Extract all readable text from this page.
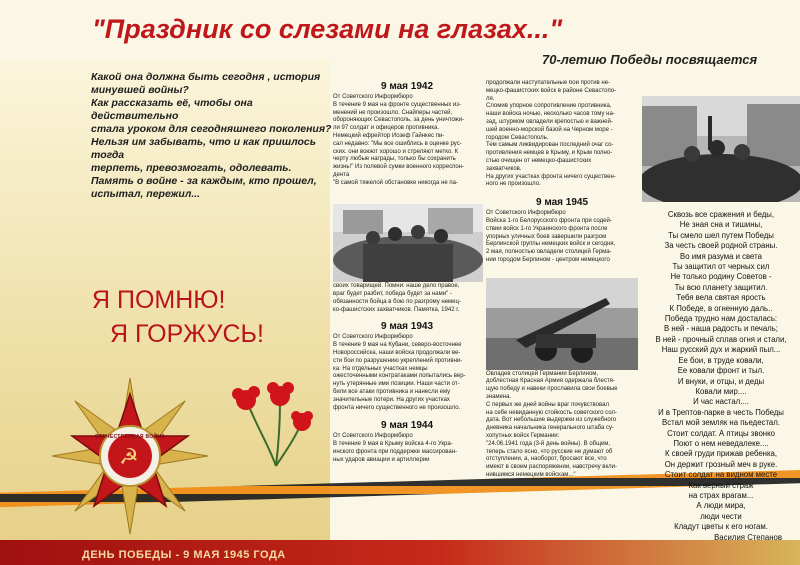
ДЕНЬ ПОБЕДЫ - 9 МАЯ 1945 ГОДА
"Праздник со слезами на глазах..."
70-летию Победы посвящается
Какой она должна быть сегодня , история
минувшей войны?
Как рассказать её, чтобы она действительно
стала уроком для сегодняшнего поколения?
Нельзя им забывать, что и как пришлось тогда
терпеть, превозмогать, одолевать.
Память о войне - за каждым, кто прошел,
испытал, пережил...
Я ПОМНЮ!
Я ГОРЖУСЬ!
9 мая 1942

От Советского Информбюро

В течение 9 мая на фронте существенных из-

менений не произошло. Снайперы частей,

обороняющих Севастополь, за день уничтожи-

ли 97 солдат и офицеров противника.

Немецкий ефрейтор Иозеф Гайнкес пи-

сал недавно: "Мы все ошиблись в оценке рус-

ских. они воюют хорошо и стреляют метко. К

черту любые награды, только бы сохранить

жизнь!" Из полевой сумки военного корреспон-

дента

"В самой тяжелой обстановке никогда не па-

своих товарищей. Помни: наше дело правое,

враг будет разбит, победа будет за нами" -

обязанности бойца в бою по разгрому немец-

ко-фашистских захватчиков. Памятка, 1942 г.

9 мая 1943

От Советского Информбюро

В течение 9 мая на Кубани, северо-восточнее

Новороссийска, наши войска продолжали ве-

сти бои по разрушению укреплений противни-

ка. На отдельных участках немцы

ожесточенными контратаками попытались вер-

нуть утерянные ими позиции. Наши части от-

били все атаки противника и нанесли ему

значительные потери. На других участках

фронта ничего существенного не произошло.

9 мая 1944

От Советского Информбюро

В течение 9 мая в Крыму войска 4-го Укра-

инского фронта при поддержке массирован-

ных ударов авиации и артиллерии

продолжали наступательные бои против не-

мецко-фашистских войск в районе Севастопо-

ля.

Сломив упорное сопротивление противника,

наши войска ночью, несколько часов тому на-

зад, штурмом овладели крепостью и важней-

шей военно-морской базой на Черном море -

городом Севастополь.

Тем самым ликвидирован последний очаг со-

противления немцев в Крыму, и Крым полно-

стью очищен от немецко-фашистских

захватчиков.

На других участках фронта ничего существен-

ного не произошло.

9 мая 1945

От Советского Информбюро

Войска 1-го Белорусского фронта при содей-

ствии войск 1-го Украинского фронта после

упорных уличных боев завершили разгром

Берлинской группы немецких войск и сегодня,

2 мая, полностью овладели столицей Герма-

нии городом Берлином - центром немецкого

Овладев столицей Германии Берлином,

доблестная Красная Армия одержала блестя-

щую победу и навеки прославила свои боевые

знамена.

С первых же дней войны враг почувствовал

на себе невиданную стойкость советского сол-

дата. Вот небольшие выдержки из служебного

дневника начальника генерального штаба су-

хопутных войск Германии:

"24.06.1941 года (3-й день войны). В общем,

теперь стало ясно, что русские не думают об

отступлении, а, наоборот, бросают все, что

имеют в своем распоряжении, навстречу вкли-

нившимся немецким войскам..."

Сквозь все сражения и беды,
Не зная сна и тишины,
Ты смело шел путем Победы
За честь своей родной страны.
Во имя разума и света
Ты защитил от черных сил
Не только родину Советов -
Ты всю планету защитил.
Тебя вела святая ярость
К Победе, в огненную даль..
Победа трудно нам досталась:
В ней - наша радость и печаль;
В ней - прочный сплав огня и стали,
Наш русский дух и жаркий пыл...
Ее бои, в труде ковали,
Ее ковали фронт и тыл.
И внуки, и отцы, и деды
Ковали мир....
И час настал....
И в Трептов-парке в честь Победы
Встал мой земляк на пьедестал.
Стоит солдат. А птицы звонко
Поют о нем неведалеке....
К своей груди прижав ребенка,
Он держит грозный меч в руке.
Стоит солдат на видном месте
Как верный страж
на страх врагам...
А люди мира,
люди чести
Кладут цветы к его ногам.
Василия Степанов
☭
ОТЕЧЕСТВЕННАЯ ВОЙНА
